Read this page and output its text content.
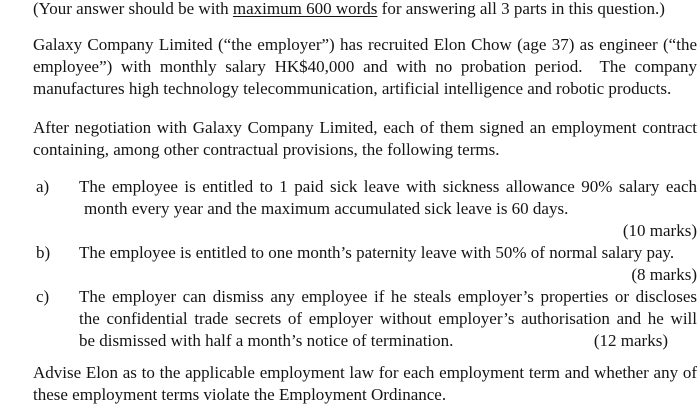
(Your answer should be with maximum 600 words for answering all 3 parts in this question.)
Galaxy Company Limited (“the employer”) has recruited Elon Chow (age 37) as engineer (“the
employee”) with monthly salary HK$40,000 and with no probation period.  The company
manufactures high technology telecommunication, artificial intelligence and robotic products.
After negotiation with Galaxy Company Limited, each of them signed an employment contract
containing, among other contractual provisions, the following terms.
a)	The employee is entitled to 1 paid sick leave with sickness allowance 90% salary each
month every year and the maximum accumulated sick leave is 60 days.
(10 marks)
b)	The employee is entitled to one month’s paternity leave with 50% of normal salary pay.
(8 marks)
c)	The employer can dismiss any employee if he steals employer’s properties or discloses
the confidential trade secrets of employer without employer’s authorisation and he will
be dismissed with half a month’s notice of termination.	(12 marks)
Advise Elon as to the applicable employment law for each employment term and whether any of
these employment terms violate the Employment Ordinance.
